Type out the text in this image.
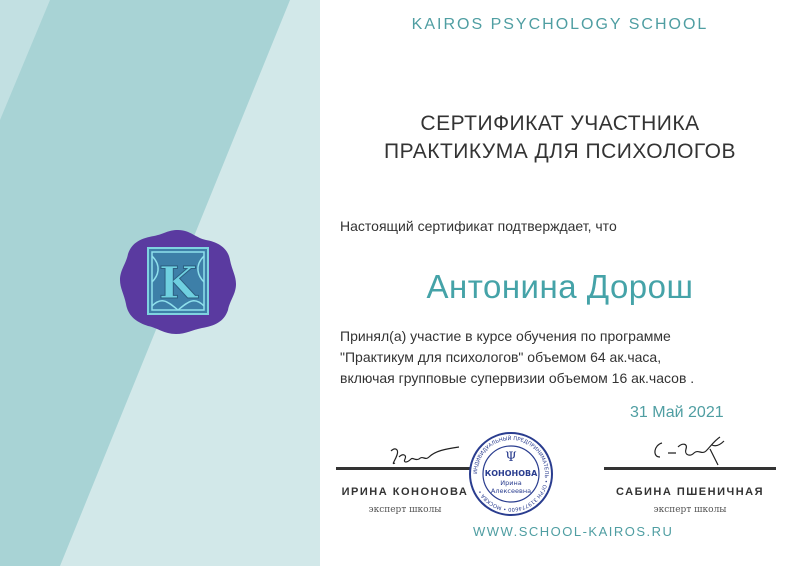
K
KAIROS PSYCHOLOGY SCHOOL
СЕРТИФИКАТ УЧАСТНИКА
ПРАКТИКУМА ДЛЯ ПСИХОЛОГОВ
Настоящий сертификат подтверждает, что
Антонина Дорош
Принял(а) участие в курсе обучения по программе
"Практикум для психологов" объемом 64 ак.часа,
включая групповые супервизии объемом 16 ак.часов .
31 Май 2021
ИРИНА КОНОНОВА
эксперт школы
ИНДИВИДУАЛЬНЫЙ ПРЕДПРИНИМАТЕЛЬ • ОГРН 319774600 • МОСКВА •
Ψ
КОНОНОВА
Ирина
Алексеевна	САБИНА ПШЕНИЧНАЯ
эксперт школы
WWW.SCHOOL-KAIROS.RU
